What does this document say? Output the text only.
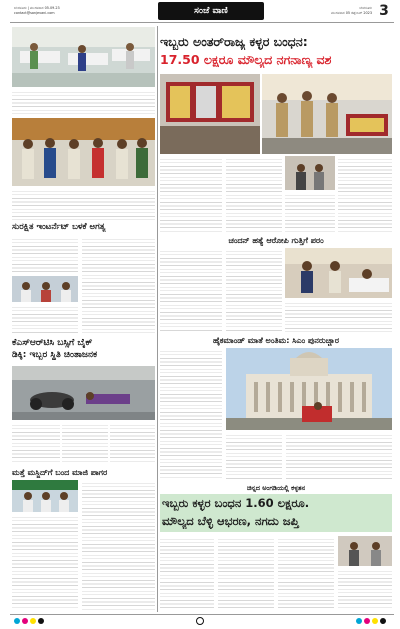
ಬೆಂಗಳೂರು | ಮಂಗಳವಾರ 05.09.23
contact@sanjevani.com	ಸಂಜೆ ವಾಣಿ	ಬೆಂಗಳೂರು
ಮಂಗಳವಾರ 05 ಸೆಪ್ಟೆಂಬರ್ 2023 3
ಇಬ್ಬರು ಅಂತರ್‌ರಾಜ್ಯ ಕಳ್ಳರ ಬಂಧನ:
17.50 ಲಕ್ಷರೂ ಮೌಲ್ಯದ ನಗನಾಣ್ಯ ವಶ
ಚಂದನ್ ಹತ್ಯೆ ಆರೋಪಿ ಗುತ್ತಿಗೆ ಪರಂ
ಸುರಕ್ಷಿತ ಇಂಟರ್ನೆಟ್ ಬಳಕೆ ಅಗತ್ಯ
ಹೈಕಮಾಂಡ್ ಮಾತೆ ಅಂತಿಮ: ಸಿಎಂ ಪುನರುಚ್ಚಾರ
ಕೆಎಸ್ಆರ್‌ಟಿಸಿ ಬಸ್ಸಿಗೆ ಬೈಕ್
ಡಿಕ್ಕಿ: ಇಬ್ಬರ ಸ್ಥಿತಿ ಚಿಂತಾಜನಕ
ಮತ್ತೆ ಮಸ್ಜಿದ್‌ಗೆ ಬಂದ ಮಾಜಿ ಪಾಗರ
ಚಿನ್ನದ ಅಂಗಡಿಯಲ್ಲಿ ಕಳ್ಳತನ
ಇಬ್ಬರು ಕಳ್ಳರ ಬಂಧನ 1.60 ಲಕ್ಷರೂ.
ಮೌಲ್ಯದ ಬೆಳ್ಳಿ ಆಭರಣ, ನಗದು ಜಪ್ತಿ
